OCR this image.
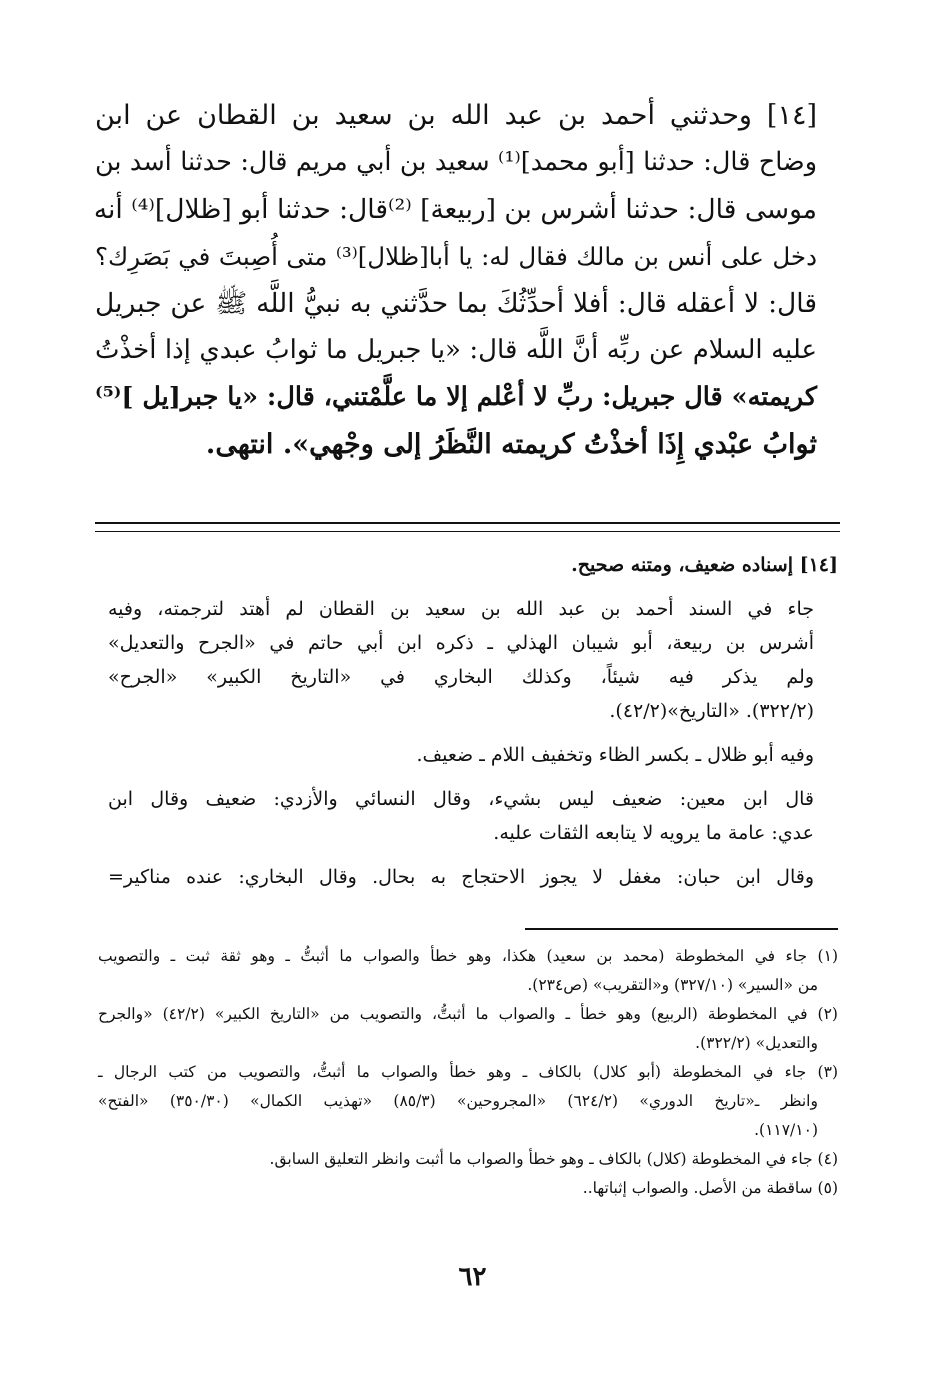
[١٤] وحدثني أحمد بن عبد الله بن سعيد بن القطان عن ابن
وضاح قال: حدثنا [أبو محمد]⁽¹⁾ سعيد بن أبي مريم قال: حدثنا أسد بن
موسى قال: حدثنا أشرس بن [ربيعة] ⁽²⁾قال: حدثنا أبو [ظلال]⁽⁴⁾ أنه
دخل على أنس بن مالك فقال له: يا أبا[ظلال]⁽³⁾ متى أُصِبتَ في بَصَرِك؟
قال: لا أعقله قال: أفلا أحدِّثُكَ بما حدَّثني به نبيُّ اللَّه ﷺ عن جبريل
عليه السلام عن ربِّه أنَّ اللَّه قال: «يا جبريل ما ثوابُ عبدي إذا أخذْتُ
كريمته» قال جبريل: ربِّ لا أعْلم إلا ما علَّمْتني، قال: «يا جبر[يل ]⁽⁵⁾
ثوابُ عبْدي إِذَا أخذْتُ كريمته النَّظَرُ إلى وجْهي». انتهى.
[١٤] إسناده ضعيف، ومتنه صحيح.
جاء في السند أحمد بن عبد الله بن سعيد بن القطان لم أهتد لترجمته، وفيه
أشرس بن ربيعة، أبو شيبان الهذلي ـ ذكره ابن أبي حاتم في «الجرح والتعديل»
ولم يذكر فيه شيئاً، وكذلك البخاري في «التاريخ الكبير» «الجرح»
(٣٢٢/٢). «التاريخ»(٤٢/٢).
وفيه أبو ظلال ـ بكسر الظاء وتخفيف اللام ـ ضعيف.
قال ابن معين: ضعيف ليس بشيء، وقال النسائي والأزدي: ضعيف وقال ابن
عدي: عامة ما يرويه لا يتابعه الثقات عليه.
وقال ابن حبان: مغفل لا يجوز الاحتجاج به بحال. وقال البخاري: عنده مناكير=
(١) جاء في المخطوطة (محمد بن سعيد) هكذا، وهو خطأ والصواب ما أثبتُّ ـ وهو ثقة ثبت ـ والتصويب
من «السير» (٣٢٧/١٠) و«التقريب» (ص٢٣٤).
(٢) في المخطوطة (الربيع) وهو خطأ ـ والصواب ما أثبتُّ، والتصويب من «التاريخ الكبير» (٤٢/٢) «والجرح
والتعديل» (٣٢٢/٢).
(٣) جاء في المخطوطة (أبو كلال) بالكاف ـ وهو خطأ والصواب ما أثبتُّ، والتصويب من كتب الرجال ـ
وانظر ـ«تاريخ الدوري» (٦٢٤/٢) «المجروحين» (٨٥/٣) «تهذيب الكمال» (٣٥٠/٣٠) «الفتح»
(١١٧/١٠).
(٤) جاء في المخطوطة (كلال) بالكاف ـ وهو خطأ والصواب ما أثبت وانظر التعليق السابق.
(٥) ساقطة من الأصل. والصواب إثباتها..
٦٢
